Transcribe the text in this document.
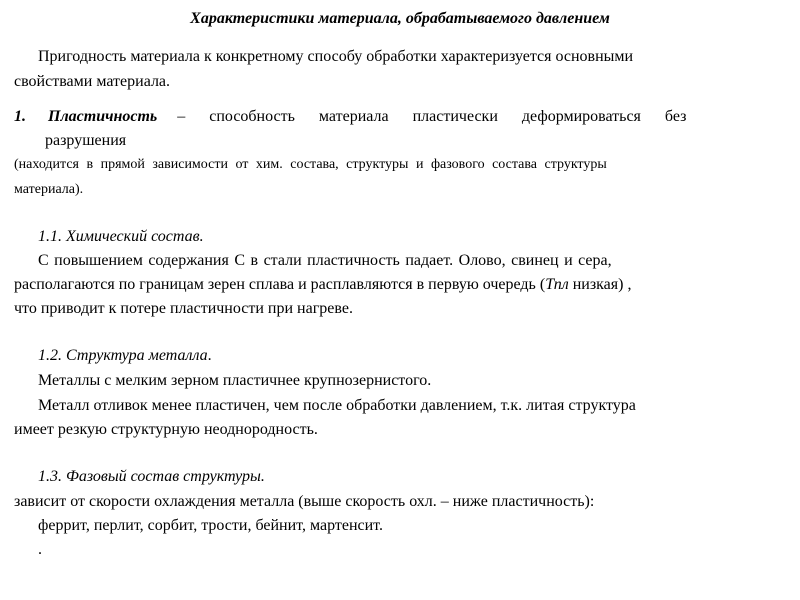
Характеристики материала, обрабатываемого давлением
Пригодность материала к конкретному способу обработки характеризуется основными
свойствами материала.
1. Пластичность – способность материала пластически деформироваться без
разрушения
(находится в прямой зависимости от хим. состава, структуры и фазового состава структуры
материала).
1.1. Химический состав.
С повышением содержания С в стали пластичность падает. Олово, свинец и сера,
располагаются по границам зерен сплава и расплавляются в первую очередь (Тпл низкая) ,
что приводит к потере пластичности при нагреве.
1.2. Структура металла.
Металлы с мелким зерном пластичнее крупнозернистого.
Металл отливок менее пластичен, чем после обработки давлением, т.к. литая структура
имеет резкую структурную неоднородность.
1.3. Фазовый состав структуры.
зависит от скорости охлаждения металла (выше скорость охл. – ниже пластичность):
феррит, перлит, сорбит, трости, бейнит, мартенсит.
.
